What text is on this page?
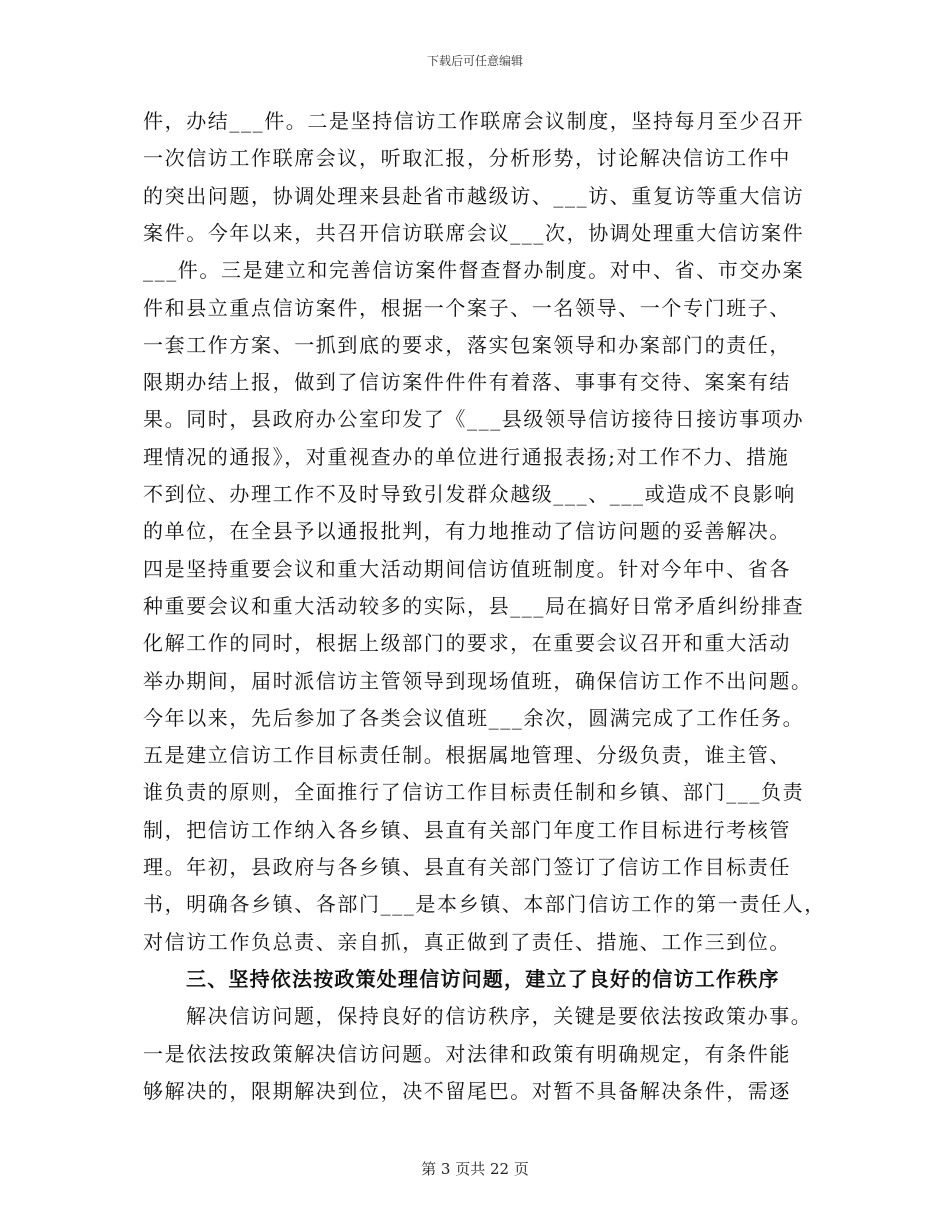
下载后可任意编辑
件，办结___件。二是坚持信访工作联席会议制度，坚持每月至少召开
一次信访工作联席会议，听取汇报，分析形势，讨论解决信访工作中
的突出问题，协调处理来县赴省市越级访、___访、重复访等重大信访
案件。今年以来，共召开信访联席会议___次，协调处理重大信访案件
___件。三是建立和完善信访案件督查督办制度。对中、省、市交办案
件和县立重点信访案件，根据一个案子、一名领导、一个专门班子、
一套工作方案、一抓到底的要求，落实包案领导和办案部门的责任，
限期办结上报，做到了信访案件件件有着落、事事有交待、案案有结
果。同时，县政府办公室印发了《___县级领导信访接待日接访事项办
理情况的通报》，对重视查办的单位进行通报表扬;对工作不力、措施
不到位、办理工作不及时导致引发群众越级___、___或造成不良影响
的单位，在全县予以通报批判，有力地推动了信访问题的妥善解决。
四是坚持重要会议和重大活动期间信访值班制度。针对今年中、省各
种重要会议和重大活动较多的实际，县___局在搞好日常矛盾纠纷排查
化解工作的同时，根据上级部门的要求，在重要会议召开和重大活动
举办期间，届时派信访主管领导到现场值班，确保信访工作不出问题。
今年以来，先后参加了各类会议值班___余次，圆满完成了工作任务。
五是建立信访工作目标责任制。根据属地管理、分级负责，谁主管、
谁负责的原则，全面推行了信访工作目标责任制和乡镇、部门___负责
制，把信访工作纳入各乡镇、县直有关部门年度工作目标进行考核管
理。年初，县政府与各乡镇、县直有关部门签订了信访工作目标责任
书，明确各乡镇、各部门___是本乡镇、本部门信访工作的第一责任人，
对信访工作负总责、亲自抓，真正做到了责任、措施、工作三到位。
三、坚持依法按政策处理信访问题，建立了良好的信访工作秩序
解决信访问题，保持良好的信访秩序，关键是要依法按政策办事。
一是依法按政策解决信访问题。对法律和政策有明确规定，有条件能
够解决的，限期解决到位，决不留尾巴。对暂不具备解决条件，需逐
第 3 页共 22 页
